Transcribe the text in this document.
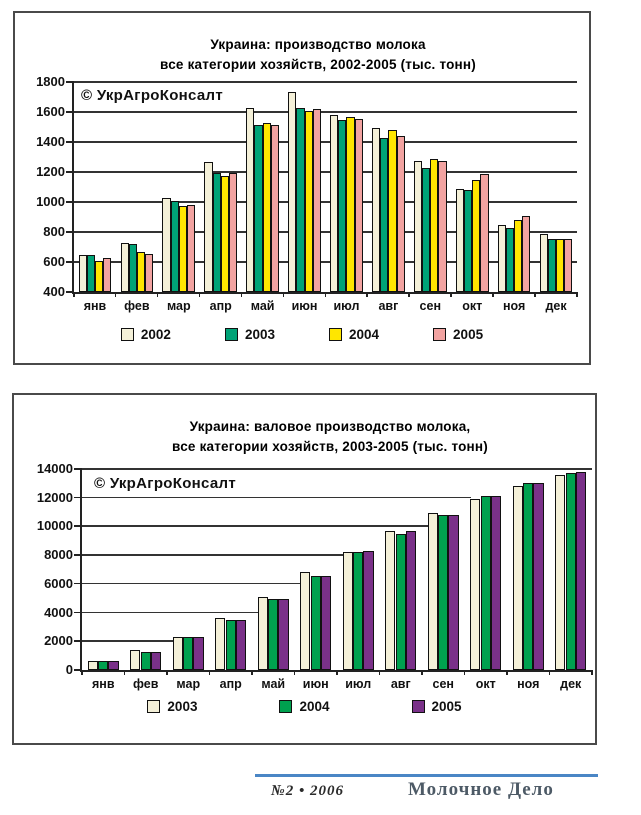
Украина: производство молока
все категории хозяйств, 2002-2005 (тыс. тонн)
© УкрАгроКонсалт
400
600
800
1000
1200
1400
1600
1800
янв	фев	мар	апр	май	июн	июл	авг	сен	окт	ноя	дек
2002	2003	2004	2005
Украина: валовое производство молока,
все категории хозяйств, 2003-2005 (тыс. тонн)
© УкрАгроКонсалт
0
2000
4000
6000
8000
10000
12000
14000
янв	фев	мар	апр	май	июн	июл	авг	сен	окт	ноя	дек
2003	2004	2005
№2 • 2006	Молочное Дело
